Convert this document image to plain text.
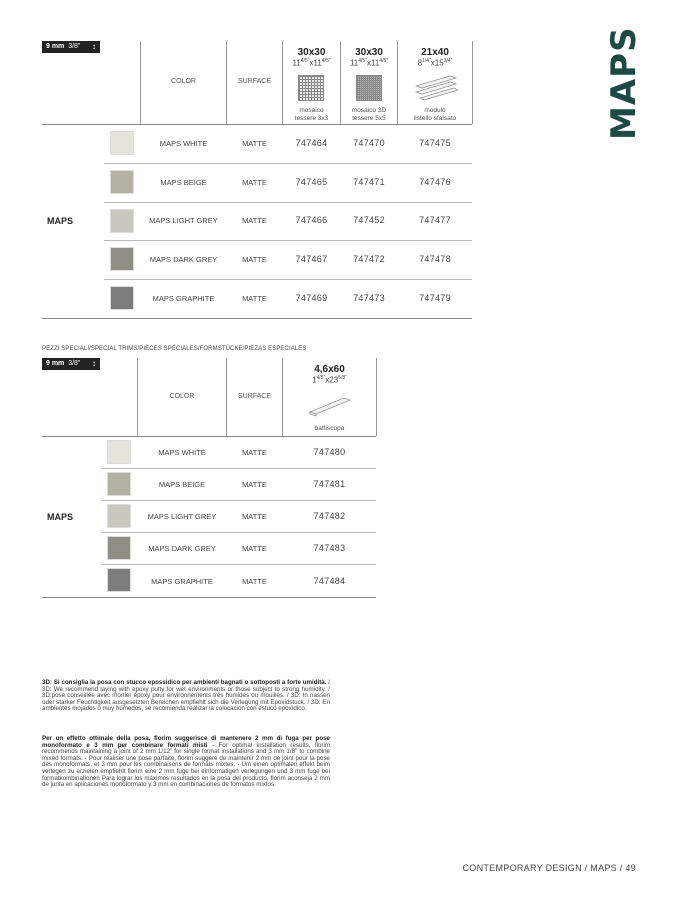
MAPS
9 mm 3/8" ↕
COLOR	SURFACE
30x30
$11^{4/5"}x11^{4/5"}$
mosaico
tessere 3x3
30x30
$11^{4/5"}x11^{4/5"}$
mosaico 3D
tessere 5x5
21x40
$8^{1/4"}x15^{3/4"}$
modulo
listello sfalsato
MAPS
MAPS WHITE	MATTE	747464	747470	747475
MAPS BEIGE	MATTE	747465	747471	747476
MAPS LIGHT GREY	MATTE	747466	747452	747477
MAPS DARK GREY	MATTE	747467	747472	747478
MAPS GRAPHITE	MATTE	747469	747473	747479
PEZZI SPECIALI/SPECIAL TRIMS/PIÈCES SPÉCIALES/FORMSTÜCKE/PIEZAS ESPECIALES
9 mm 3/8" ↕
COLOR	SURFACE
4,6x60
$1^{4/5"}x23^{5/8"}$
battiscopa
MAPS
MAPS WHITE	MATTE	747480
MAPS BEIGE	MATTE	747481
MAPS LIGHT GREY	MATTE	747482
MAPS DARK GREY	MATTE	747483
MAPS GRAPHITE	MATTE	747484
3D: Si consiglia la posa con stucco epossidico per ambienti bagnati o sottoposti a forte umidità. / 3D: We recommend laying with epoxy putty for wet environments or those subject to strong humidity. / 3D:pose conseillée avec mortier époxy pour environnements très humides ou mouillés. / 3D: In nassen oder starker Feuchtigkeit ausgesetzten Bereichen empfiehlt sich die Verlegung mit Epoxidstuck. / 3D: En ambientes mojados o muy húmedos, se recomienda realizar la colocación con estuco epoxídico.
Per un effetto ottimale della posa, florim suggerisce di mantenere 2 mm di fuga per pose monoformato e 3 mm per combinare formati misti - For optimal installation results, florim recommends maintaining a joint of 2 mm 1/12" for single format installations and 3 mm 1/8" to combine mixed formats. - Pour réaliser une pose parfaite, florim suggère de maintenir 2 mm de joint pour la pose des monoformats, et 3 mm pour les combinaisons de formats mixtes. - Um einen optimalen effekt beim verlegen zu erzielen empfiehlt florim eine 2 mm fuge bei einformatigen verlegungen und 3 mm fuge bei formatkombinationen Para lograr los máximos resultados en la posa del producto, florim aconseja 2 mm de junta en aplicaciones monoformato y 3 mm en combinaciones de formatos mixtos.
CONTEMPORARY DESIGN / MAPS / 49
